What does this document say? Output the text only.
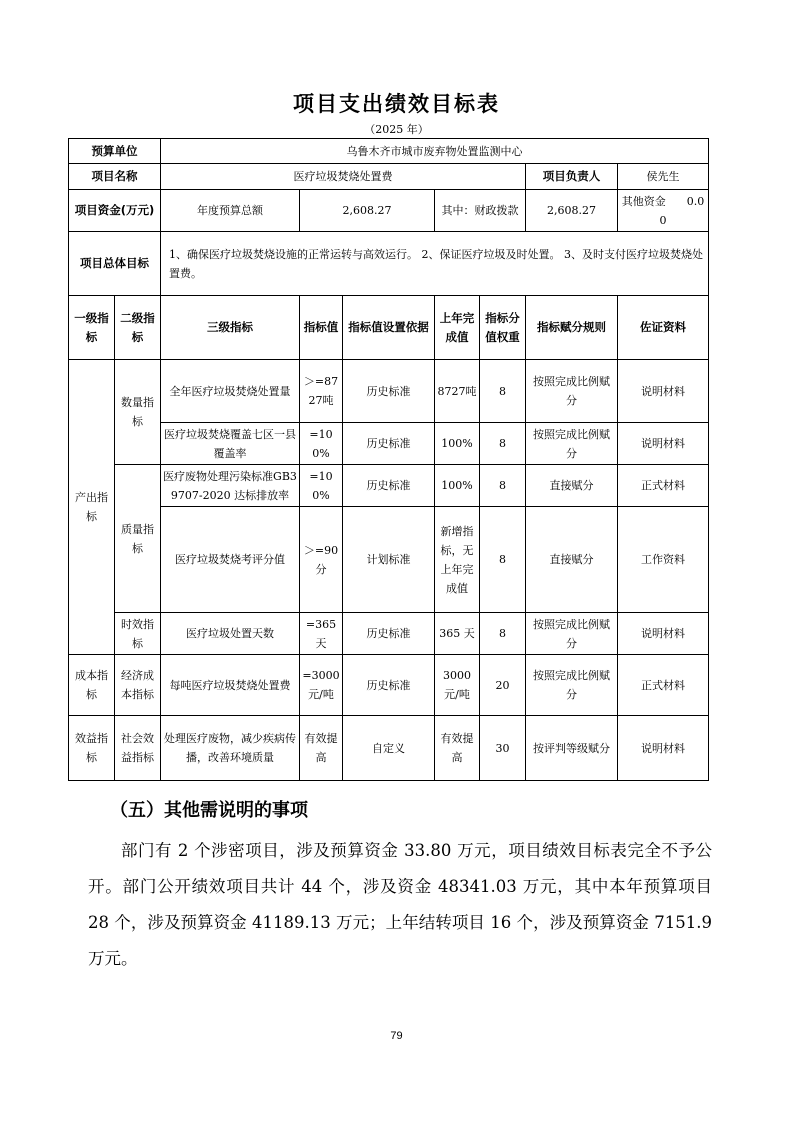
项目支出绩效目标表
（2025 年）
预算单位		乌鲁木齐市城市废弃物处置监测中心						
项目名称		医疗垃圾焚烧处置费					项目负责人	侯先生
项目资金(万元)		年度预算总额	2,608.27		其中：财政拨款		2,608.27	其他资金 0.00
项目总体目标		1、确保医疗垃圾焚烧设施的正常运转与高效运行。 2、保证医疗垃圾及时处置。 3、及时支付医疗垃圾焚烧处置费。						
一级指标	二级指标	三级指标	指标值	指标值设置依据	上年完成值	指标分值权重	指标赋分规则	佐证资料
产出指标	数量指标	全年医疗垃圾焚烧处置量	＞=8727吨	历史标准	8727吨	8	按照完成比例赋分	说明材料
		医疗垃圾焚烧覆盖七区一县覆盖率	=100%	历史标准	100%	8	按照完成比例赋分	说明材料
	质量指标	医疗废物处理污染标准GB39707-2020 达标排放率	=100%	历史标准	100%	8	直接赋分	正式材料
		医疗垃圾焚烧考评分值	＞=90分	计划标准	新增指标，无上年完成值	8	直接赋分	工作资料
	时效指标	医疗垃圾处置天数	=365天	历史标准	365 天	8	按照完成比例赋分	说明材料
成本指标	经济成本指标	每吨医疗垃圾焚烧处置费	=3000元/吨	历史标准	3000元/吨	20	按照完成比例赋分	正式材料
效益指标	社会效益指标	处理医疗废物，减少疾病传播，改善环境质量	有效提高	自定义	有效提高	30	按评判等级赋分	说明材料
（五）其他需说明的事项
部门有 2 个涉密项目，涉及预算资金 33.80 万元，项目绩效目标表完全不予公开。部门公开绩效项目共计 44 个，涉及资金 48341.03 万元，其中本年预算项目 28 个，涉及预算资金 41189.13 万元；上年结转项目 16 个，涉及预算资金 7151.9 万元。
79
